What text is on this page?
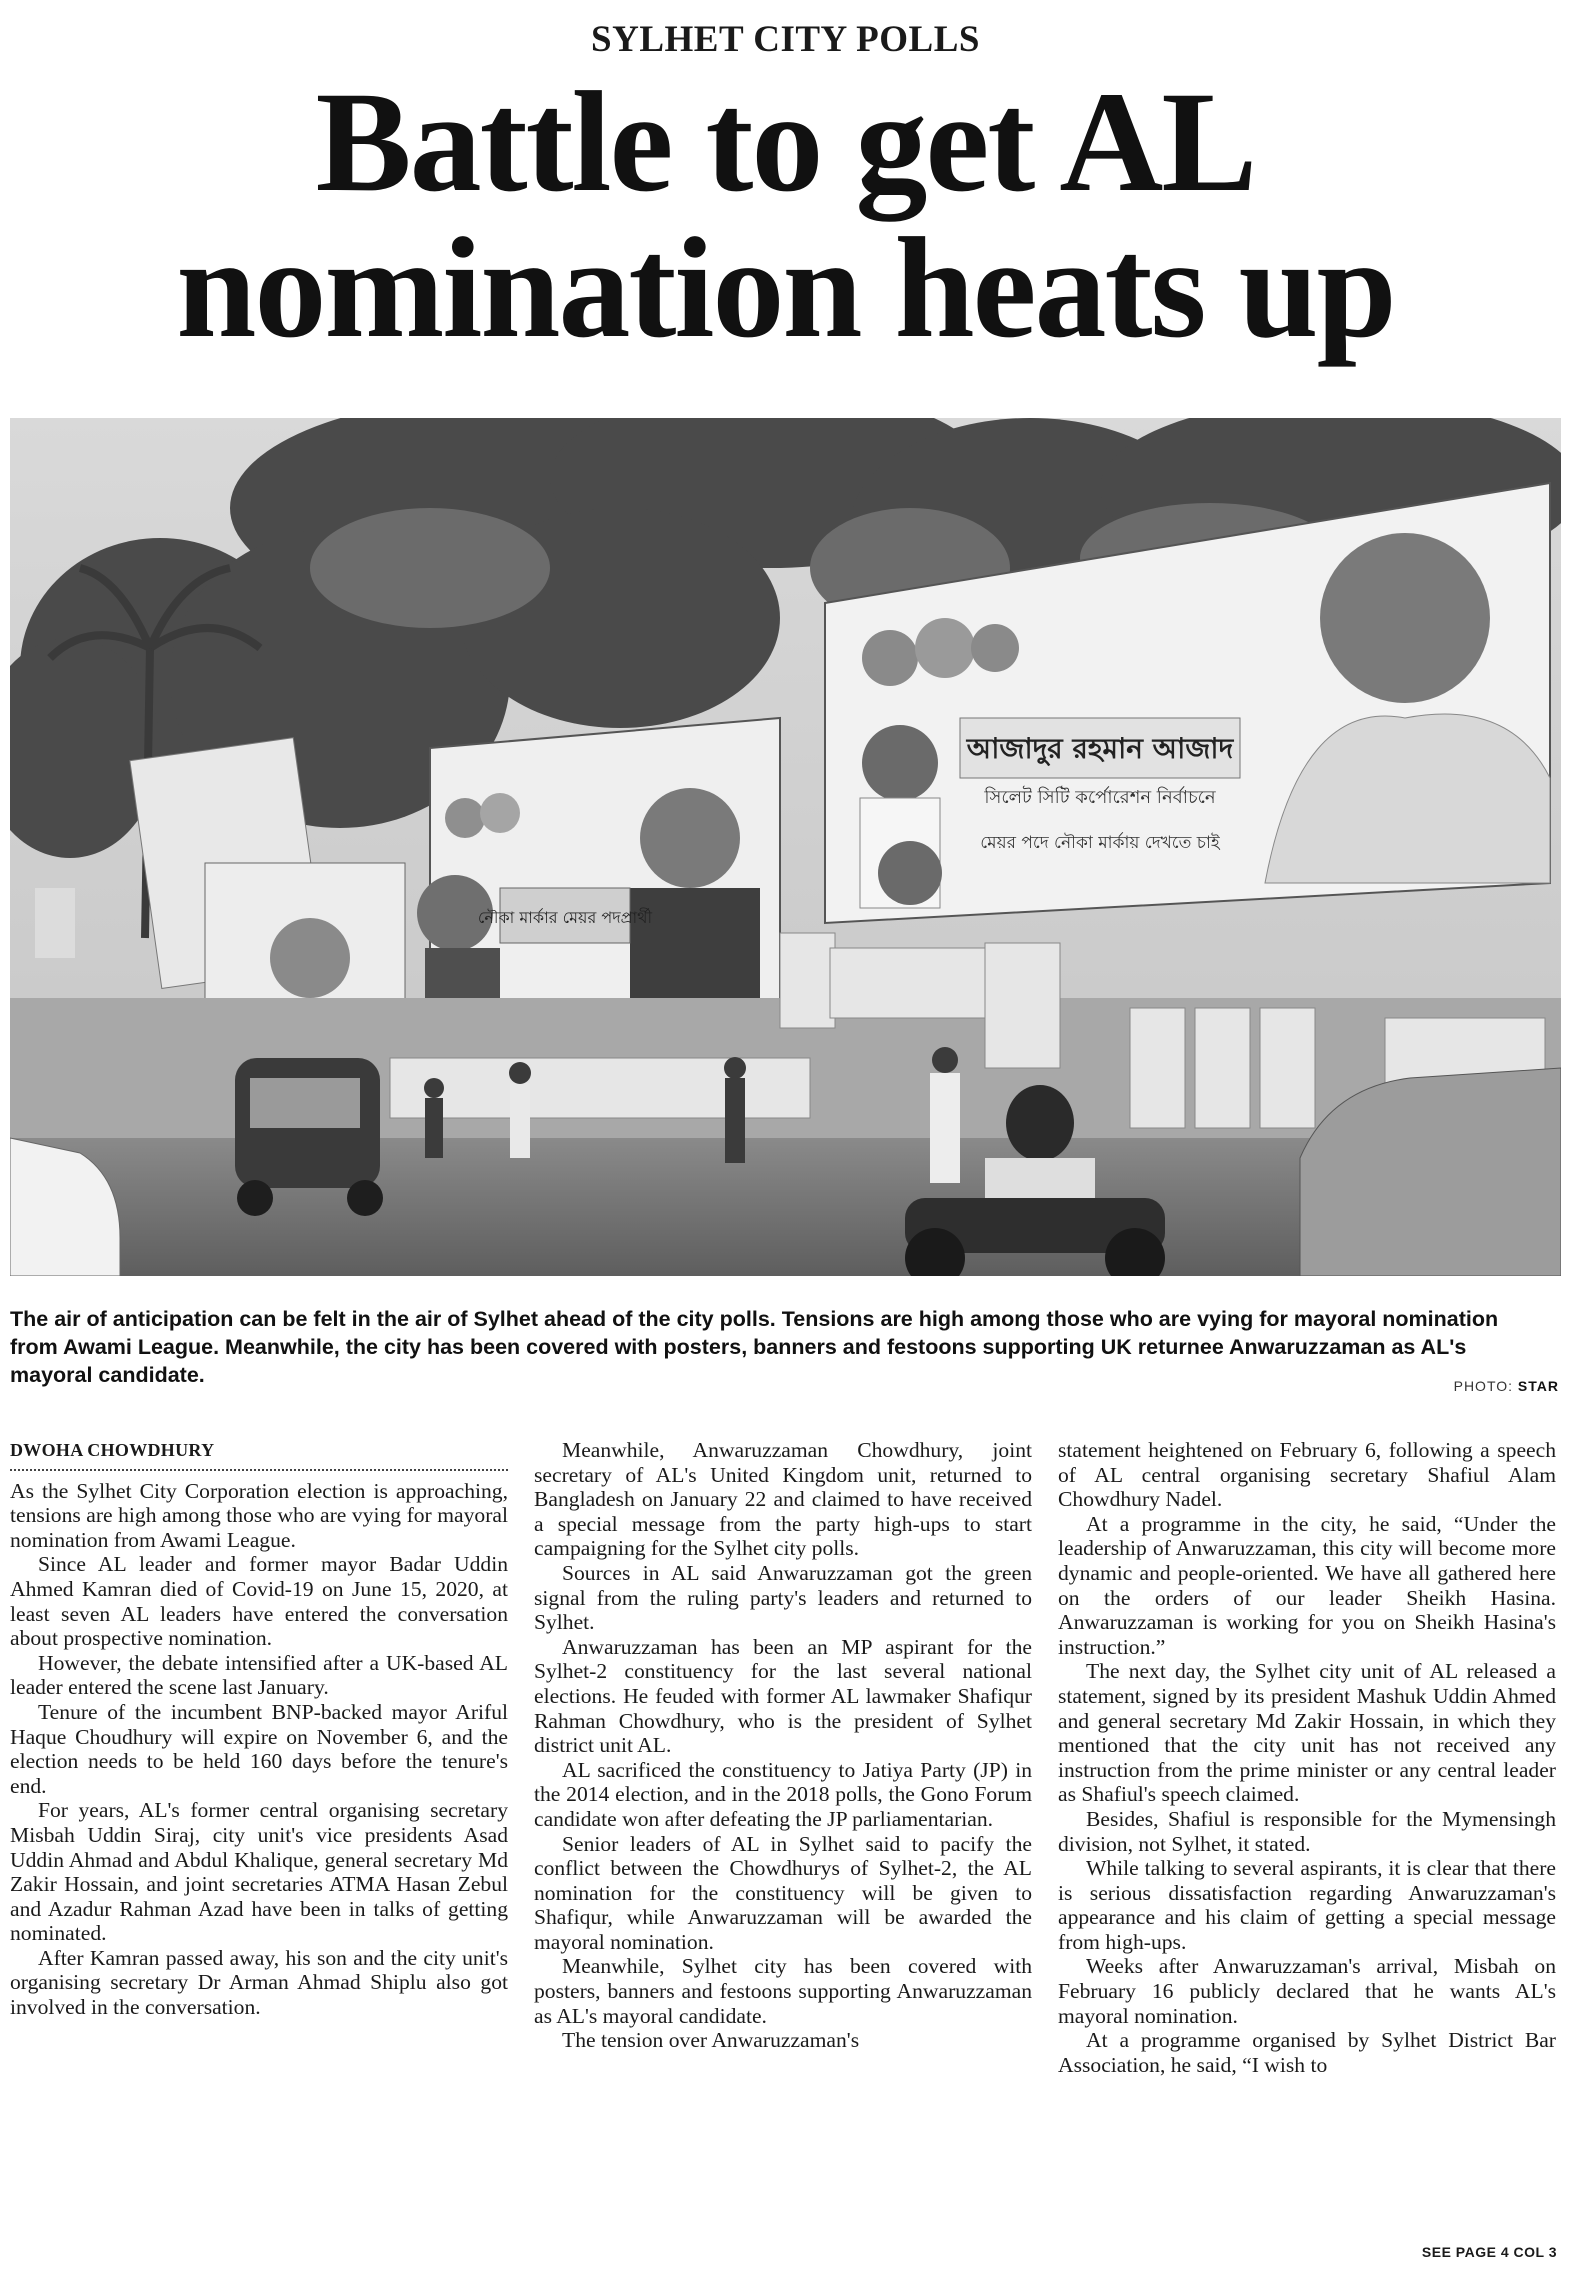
SYLHET CITY POLLS
Battle to get AL
nomination heats up
নৌকা মার্কার মেয়র পদপ্রার্থী
আজাদুর রহমান আজাদ
সিলেট সিটি কর্পোরেশন নির্বাচনে
মেয়র পদে নৌকা মার্কায় দেখতে চাই

The air of anticipation can be felt in the air of Sylhet ahead of the city polls. Tensions are high among those who are vying for mayoral nomination from Awami League. Meanwhile, the city has been covered with posters, banners and festoons supporting UK returnee Anwaruzzaman as AL's mayoral candidate.	PHOTO: STAR
DWOHA CHOWDHURY

As the Sylhet City Corporation election is approaching, tensions are high among those who are vying for mayoral nomination from Awami League.

Since AL leader and former mayor Badar Uddin Ahmed Kamran died of Covid-19 on June 15, 2020, at least seven AL leaders have entered the conversation about prospective nomination.

However, the debate intensified after a UK-based AL leader entered the scene last January.

Tenure of the incumbent BNP-backed mayor Ariful Haque Choudhury will expire on November 6, and the election needs to be held 160 days before the tenure's end.

For years, AL's former central organising secretary Misbah Uddin Siraj, city unit's vice presidents Asad Uddin Ahmad and Abdul Khalique, general secretary Md Zakir Hossain, and joint secretaries ATMA Hasan Zebul and Azadur Rahman Azad have been in talks of getting nominated.

After Kamran passed away, his son and the city unit's organising secretary Dr Arman Ahmad Shiplu also got involved in the conversation.

Meanwhile, Anwaruzzaman Chowdhury, joint secretary of AL's United Kingdom unit, returned to Bangladesh on January 22 and claimed to have received a special message from the party high-ups to start campaigning for the Sylhet city polls.

Sources in AL said Anwaruzzaman got the green signal from the ruling party's leaders and returned to Sylhet.

Anwaruzzaman has been an MP aspirant for the Sylhet-2 constituency for the last several national elections. He feuded with former AL lawmaker Shafiqur Rahman Chowdhury, who is the president of Sylhet district unit AL.

AL sacrificed the constituency to Jatiya Party (JP) in the 2014 election, and in the 2018 polls, the Gono Forum candidate won after defeating the JP parliamentarian.

Senior leaders of AL in Sylhet said to pacify the conflict between the Chowdhurys of Sylhet-2, the AL nomination for the constituency will be given to Shafiqur, while Anwaruzzaman will be awarded the mayoral nomination.

Meanwhile, Sylhet city has been covered with posters, banners and festoons supporting Anwaruzzaman as AL's mayoral candidate.

The tension over Anwaruzzaman's

statement heightened on February 6, following a speech of AL central organising secretary Shafiul Alam Chowdhury Nadel.

At a programme in the city, he said, “Under the leadership of Anwaruzzaman, this city will become more dynamic and people-oriented. We have all gathered here on the orders of our leader Sheikh Hasina. Anwaruzzaman is working for you on Sheikh Hasina's instruction.”

The next day, the Sylhet city unit of AL released a statement, signed by its president Mashuk Uddin Ahmed and general secretary Md Zakir Hossain, in which they mentioned that the city unit has not received any instruction from the prime minister or any central leader as Shafiul's speech claimed.

Besides, Shafiul is responsible for the Mymensingh division, not Sylhet, it stated.

While talking to several aspirants, it is clear that there is serious dissatisfaction regarding Anwaruzzaman's appearance and his claim of getting a special message from high-ups.

Weeks after Anwaruzzaman's arrival, Misbah on February 16 publicly declared that he wants AL's mayoral nomination.

At a programme organised by Sylhet District Bar Association, he said, “I wish to

SEE PAGE 4 COL 3
